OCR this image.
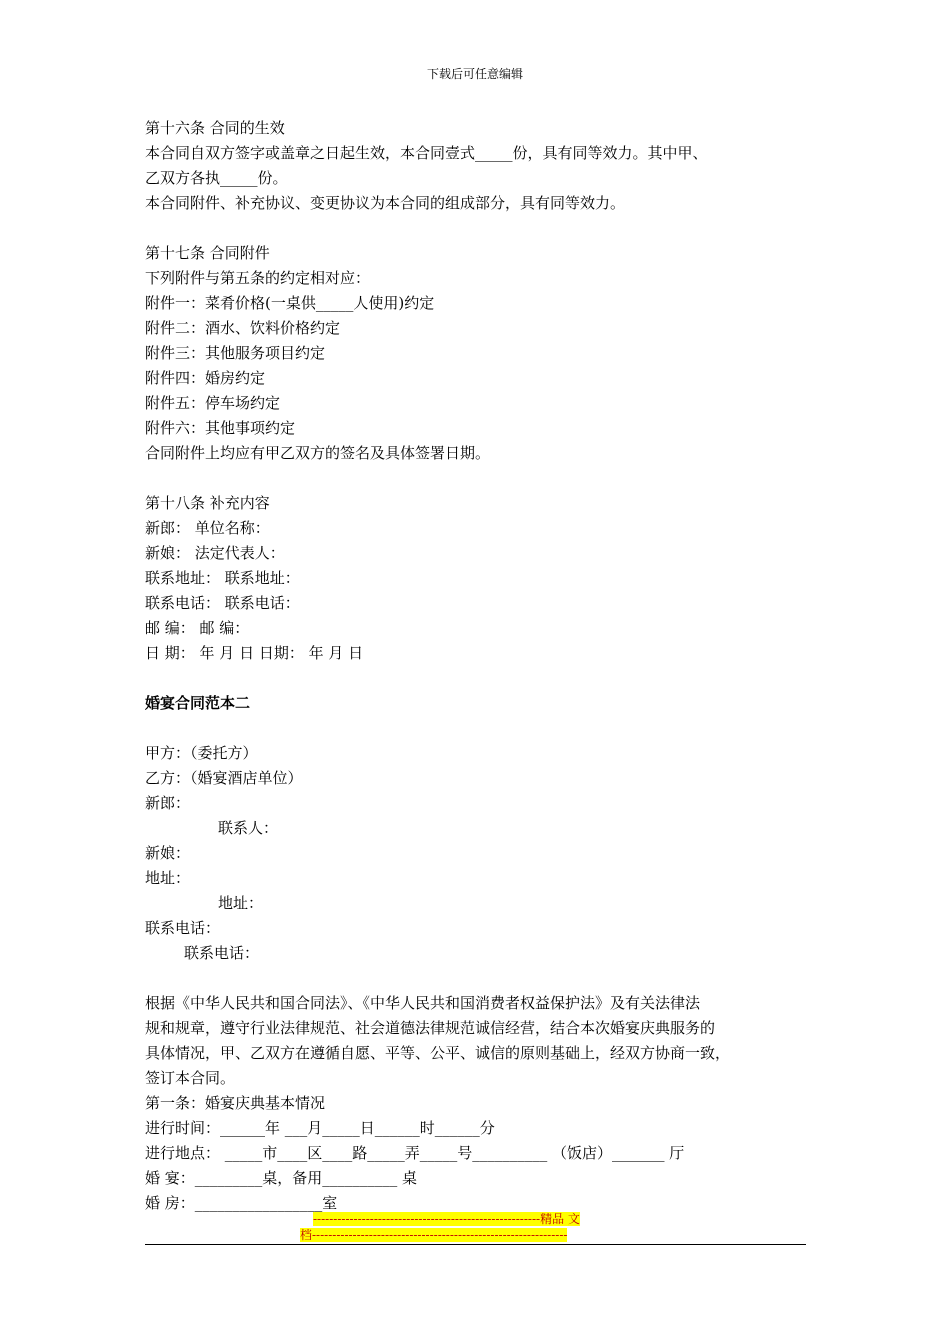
下载后可任意编辑
第十六条 合同的生效
本合同自双方签字或盖章之日起生效，本合同壹式_____份，具有同等效力。其中甲、
乙双方各执_____份。
本合同附件、补充协议、变更协议为本合同的组成部分，具有同等效力。
第十七条 合同附件
下列附件与第五条的约定相对应：
附件一：菜肴价格(一桌供_____人使用)约定
附件二：酒水、饮料价格约定
附件三：其他服务项目约定
附件四：婚房约定
附件五：停车场约定
附件六：其他事项约定
合同附件上均应有甲乙双方的签名及具体签署日期。
第十八条 补充内容
新郎： 单位名称：
新娘： 法定代表人：
联系地址： 联系地址：
联系电话： 联系电话：
邮 编： 邮 编：
日 期： 年 月 日 日期： 年 月 日
婚宴合同范本二
甲方：（委托方）
乙方：（婚宴酒店单位）
新郎：
联系人：
新娘：
地址：
地址：
联系电话：
联系电话：
根据《中华人民共和国合同法》、《中华人民共和国消费者权益保护法》及有关法律法
规和规章，遵守行业法律规范、社会道德法律规范诚信经营，结合本次婚宴庆典服务的
具体情况，甲、乙双方在遵循自愿、平等、公平、诚信的原则基础上，经双方协商一致，
签订本合同。
第一条：婚宴庆典基本情况
进行时间：______年 ___月_____日______时______分
进行地点： _____市____区____路_____弄_____号__________ （饭店）_______ 厅
婚 宴：_________桌，备用__________ 桌
婚 房：_________________室
--------------------------------------------------------精品 文
档---------------------------------------------------------------
